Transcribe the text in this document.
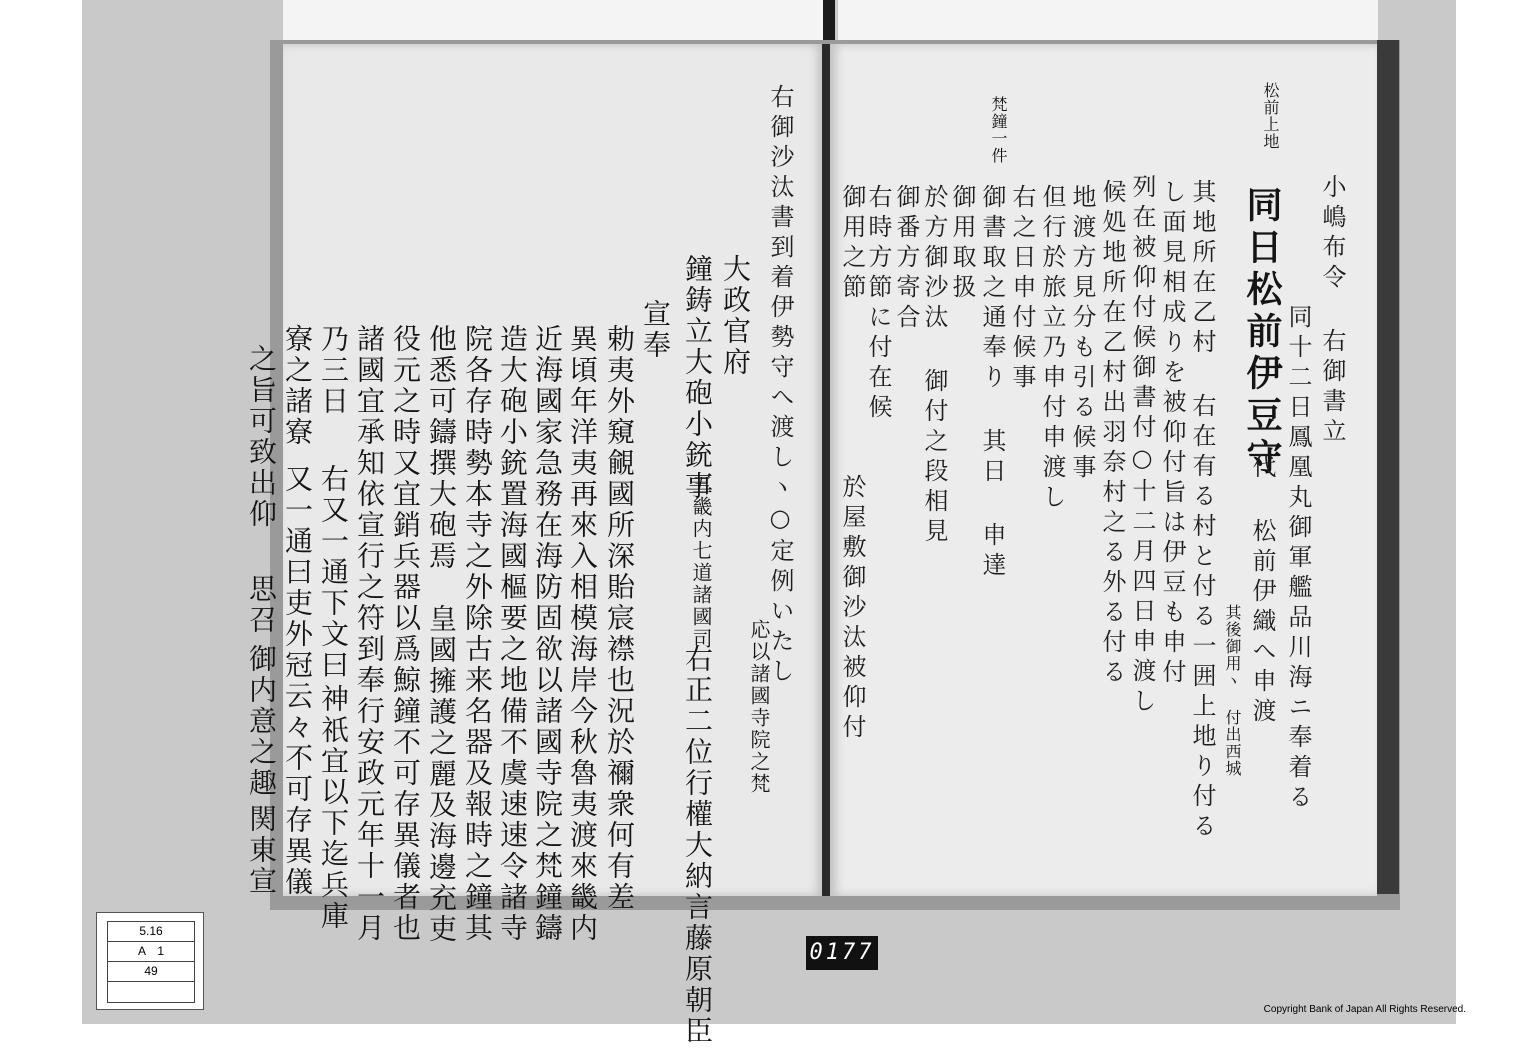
右御沙汰書到着伊勢守へ渡しヽ○定例いたし
大政官府
鐘鋳立大砲小銃事
五畿内七道諸國司
応以諸國寺院之梵
右正二位行權大納言藤原朝臣
宣奉
勅夷外窺覦國所深貽宸襟也況於禰衆何有差
異頃年洋夷再來入相模海岸今秋魯夷渡來畿内
近海國家急務在海防固欲以諸國寺院之梵鐘鑄
造大砲小銃置海國樞要之地備不虞速速令諸寺
院各存時勢本寺之外除古来名器及報時之鐘其
他悉可鑄撰大砲焉
皇國擁護之麗及海邊充吏
役元之時又宜銷兵器以爲鯨鐘不可存異儀者也
諸國宜承知依宣行之符到奉行安政元年十一月
乃三日
右又一通下文曰
神祇宜以下迄兵庫
寮之諸寮
又一通曰吏外冠云々不可存異儀
之旨可致出仰
思召
御内意之趣
関東宣
松前上地
梵鐘一件
小嶋布令 右御書立
同十二日鳳凰丸御軍艦品川海ニ奉着る
同日松前伊豆守
代 松前伊織へ申渡
其後御用ヽ 付出西城
其地所在乙村 右在有る村と付る一囲上地り付る
し面見相成りを被仰付旨は伊豆も申付
列在被仰付候御書付○十二月四日申渡し
候処地所在乙村出羽奈村之る外る付る
地渡方見分も引る候事
但行於旅立乃申付申渡し
右之日申付候事
御書取之通奉り 其日 申達
御用取扱
於方御沙汰 御付之段相見
御番方寄合
右時方節に付在候
御用之節
於屋敷御沙汰被仰付
5.16
A　1
49
0177
Copyright Bank of Japan All Rights Reserved.
